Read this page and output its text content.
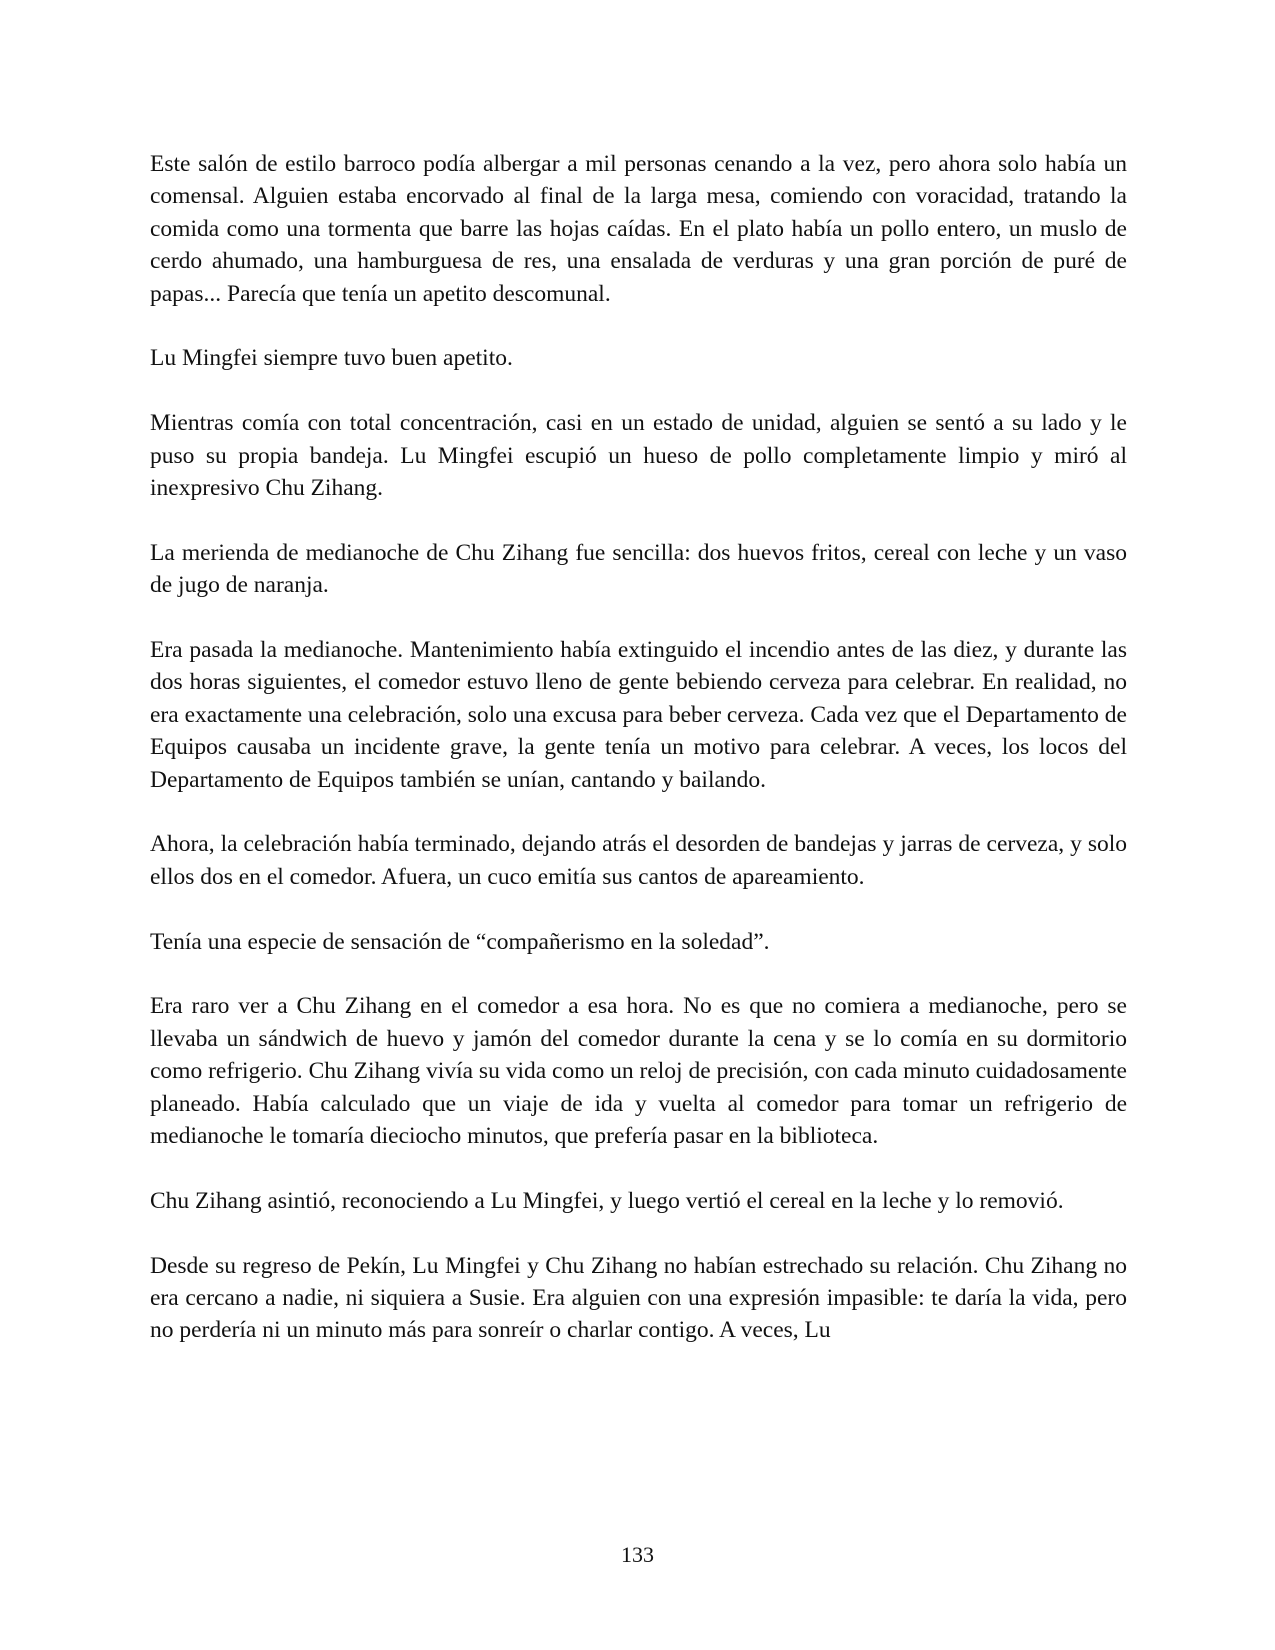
Este salón de estilo barroco podía albergar a mil personas cenando a la vez, pero ahora solo había un comensal. Alguien estaba encorvado al final de la larga mesa, comiendo con voracidad, tratando la comida como una tormenta que barre las hojas caídas. En el plato había un pollo entero, un muslo de cerdo ahumado, una hamburguesa de res, una ensalada de verduras y una gran porción de puré de papas... Parecía que tenía un apetito descomunal.

Lu Mingfei siempre tuvo buen apetito.

Mientras comía con total concentración, casi en un estado de unidad, alguien se sentó a su lado y le puso su propia bandeja. Lu Mingfei escupió un hueso de pollo completamente limpio y miró al inexpresivo Chu Zihang.

La merienda de medianoche de Chu Zihang fue sencilla: dos huevos fritos, cereal con leche y un vaso de jugo de naranja.

Era pasada la medianoche. Mantenimiento había extinguido el incendio antes de las diez, y durante las dos horas siguientes, el comedor estuvo lleno de gente bebiendo cerveza para celebrar. En realidad, no era exactamente una celebración, solo una excusa para beber cerveza. Cada vez que el Departamento de Equipos causaba un incidente grave, la gente tenía un motivo para celebrar. A veces, los locos del Departamento de Equipos también se unían, cantando y bailando.

Ahora, la celebración había terminado, dejando atrás el desorden de bandejas y jarras de cerveza, y solo ellos dos en el comedor. Afuera, un cuco emitía sus cantos de apareamiento.

Tenía una especie de sensación de “compañerismo en la soledad”.

Era raro ver a Chu Zihang en el comedor a esa hora. No es que no comiera a medianoche, pero se llevaba un sándwich de huevo y jamón del comedor durante la cena y se lo comía en su dormitorio como refrigerio. Chu Zihang vivía su vida como un reloj de precisión, con cada minuto cuidadosamente planeado. Había calculado que un viaje de ida y vuelta al comedor para tomar un refrigerio de medianoche le tomaría dieciocho minutos, que prefería pasar en la biblioteca.

Chu Zihang asintió, reconociendo a Lu Mingfei, y luego vertió el cereal en la leche y lo removió.

Desde su regreso de Pekín, Lu Mingfei y Chu Zihang no habían estrechado su relación. Chu Zihang no era cercano a nadie, ni siquiera a Susie. Era alguien con una expresión impasible: te daría la vida, pero no perdería ni un minuto más para sonreír o charlar contigo. A veces, Lu

133
